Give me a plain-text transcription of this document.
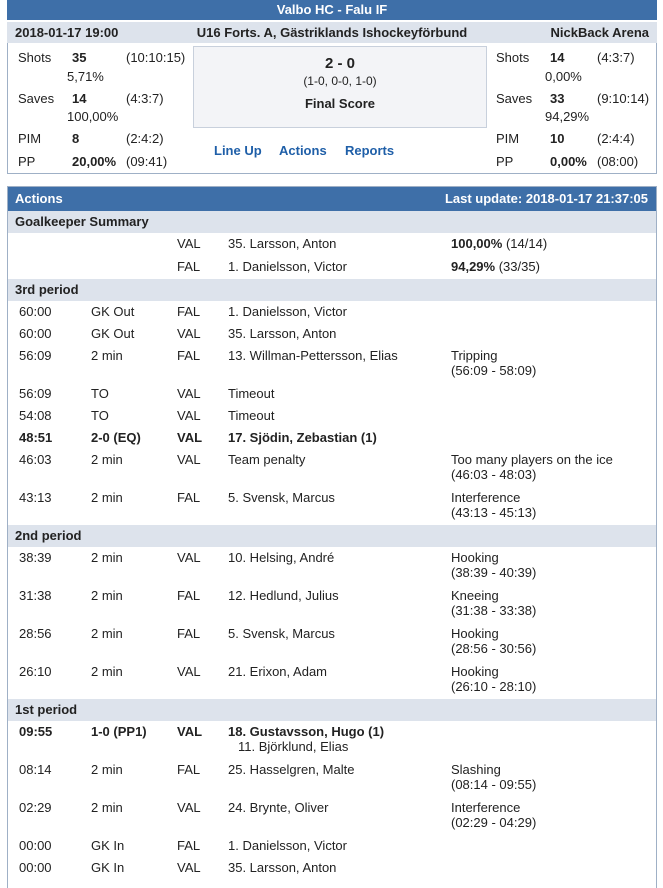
Valbo HC - Falu IF
2018-01-17 19:00	U16 Forts. A, Gästriklands Ishockeyförbund	NickBack Arena
Shots 35	(10:10:15)
5,71%
Saves 14	(4:3:7)
100,00%
PIM 8	(2:4:2)
PP	20,00% (09:41)
2 - 0
(1-0, 0-0, 1-0)
Final Score
Line Up Actions Reports
Shots 14	(4:3:7)
0,00%
Saves 33	(9:10:14)
94,29%
PIM 10	(2:4:4)
PP	0,00% (08:00)
Actions	Last update: 2018-01-17 21:37:05
Goalkeeper Summary
VAL 35. Larsson, Anton	100,00% (14/14)
FAL 1. Danielsson, Victor	94,29% (33/35)
3rd period
60:00	GK Out	FAL 1. Danielsson, Victor
60:00	GK Out	VAL 35. Larsson, Anton
56:09	2 min	FAL 13. Willman-Pettersson, Elias	Tripping
(56:09 - 58:09)
56:09	TO	VAL Timeout
54:08	TO	VAL Timeout
48:51	2-0 (EQ)	VAL 17. Sjödin, Zebastian (1)
46:03	2 min	VAL Team penalty	Too many players on the ice
(46:03 - 48:03)
43:13	2 min	FAL 5. Svensk, Marcus	Interference
(43:13 - 45:13)
2nd period
38:39	2 min	VAL 10. Helsing, André	Hooking
(38:39 - 40:39)
31:38	2 min	FAL 12. Hedlund, Julius	Kneeing
(31:38 - 33:38)
28:56	2 min	FAL 5. Svensk, Marcus	Hooking
(28:56 - 30:56)
26:10	2 min	VAL 21. Erixon, Adam	Hooking
(26:10 - 28:10)
1st period
09:55	1-0 (PP1) VAL 18. Gustavsson, Hugo (1)
11. Björklund, Elias
08:14	2 min	FAL 25. Hasselgren, Malte	Slashing
(08:14 - 09:55)
02:29	2 min	VAL 24. Brynte, Oliver	Interference
(02:29 - 04:29)
00:00	GK In	FAL 1. Danielsson, Victor
00:00	GK In	VAL 35. Larsson, Anton
